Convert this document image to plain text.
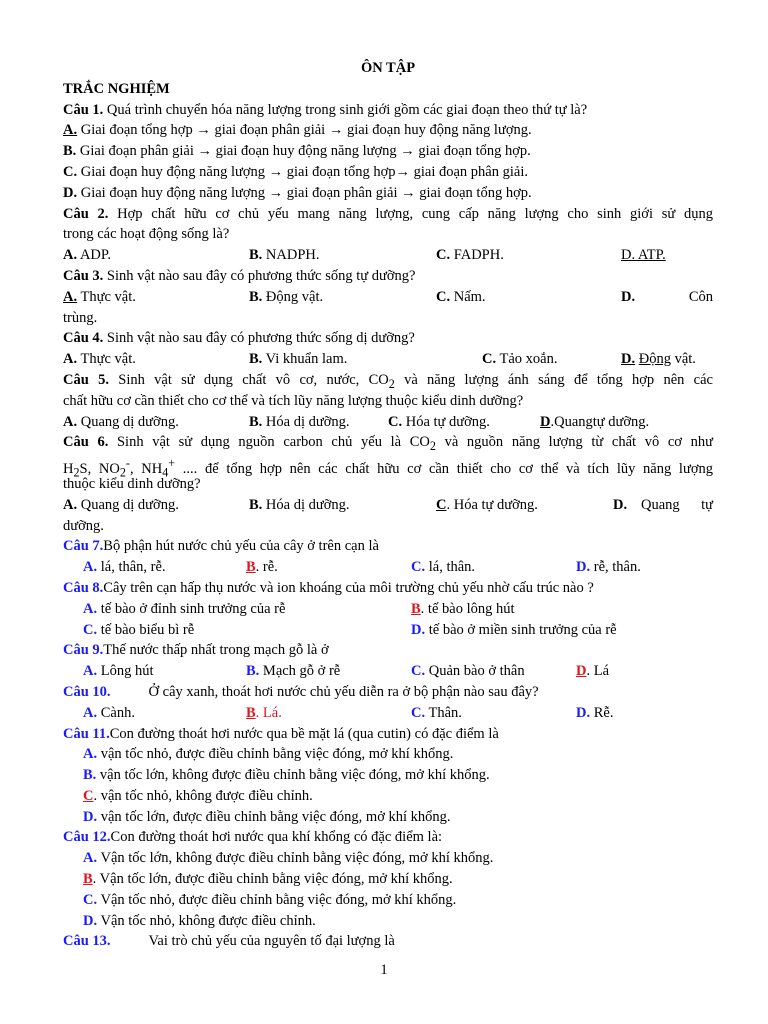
ÔN TẬP
TRẮC NGHIỆM
Câu 1. Quá trình chuyển hóa năng lượng trong sinh giới gồm các giai đoạn theo thứ tự là?
A. Giai đoạn tổng hợp → giai đoạn phân giải → giai đoạn huy động năng lượng.
B. Giai đoạn phân giải → giai đoạn huy động năng lượng → giai đoạn tổng hợp.
C. Giai đoạn huy động năng lượng → giai đoạn tổng hợp→ giai đoạn phân giải.
D. Giai đoạn huy động năng lượng → giai đoạn phân giải → giai đoạn tổng hợp.
Câu 2. Hợp chất hữu cơ chủ yếu mang năng lượng, cung cấp năng lượng cho sinh giới sử dụng
trong các hoạt động sống là?
A. ADP.	B. NADPH.	C. FADPH.	D. ATP.
Câu 3. Sinh vật nào sau đây có phương thức sống tự dưỡng?
A. Thực vật.	B. Động vật.	C. Nấm.	D.	Côn
trùng.
Câu 4. Sinh vật nào sau đây có phương thức sống dị dưỡng?
A. Thực vật.	B. Vi khuẩn lam.	C. Tảo xoắn.	D. Động vật.
Câu 5. Sinh vật sử dụng chất vô cơ, nước, $CO_2$ và năng lượng ánh sáng để tổng hợp nên các
chất hữu cơ cần thiết cho cơ thể và tích lũy năng lượng thuộc kiểu dinh dưỡng?
A. Quang dị dưỡng.	B. Hóa dị dưỡng.	C. Hóa tự dưỡng.	D.Quangtự dưỡng.
Câu 6. Sinh vật sử dụng nguồn carbon chủ yếu là $CO_2$ và nguồn năng lượng từ chất vô cơ như
$H_2S$, $NO_2^-$, $NH_4^+$ .... để tổng hợp nên các chất hữu cơ cần thiết cho cơ thể và tích lũy năng lượng
thuộc kiểu dinh dưỡng?
A. Quang dị dưỡng.	B. Hóa dị dưỡng.	C. Hóa tự dưỡng.	D. Quang tự
dưỡng.
Câu 7.Bộ phận hút nước chủ yếu của cây ở trên cạn là
A. lá, thân, rễ.	B. rễ.	C. lá, thân.	D. rễ, thân.
Câu 8.Cây trên cạn hấp thụ nước và ion khoáng của môi trường chủ yếu nhờ cấu trúc nào ?
A. tế bào ở đỉnh sinh trưởng của rễ	B. tế bào lông hút
C. tế bào biểu bì rễ	D. tế bào ở miền sinh trưởng của rễ
Câu 9.Thế nước thấp nhất trong mạch gỗ là ở
A. Lông hút	B. Mạch gỗ ở rễ	C. Quản bào ở thân	D. Lá
Câu 10.	Ở cây xanh, thoát hơi nước chủ yếu diễn ra ở bộ phận nào sau đây?
A. Cành.	B. Lá.	C. Thân.	D. Rễ.
Câu 11.Con đường thoát hơi nước qua bề mặt lá (qua cutin) có đặc điểm là
A. vận tốc nhỏ, được điều chỉnh bằng việc đóng, mở khí khổng.
B. vận tốc lớn, không được điều chỉnh bằng việc đóng, mở khí khổng.
C. vận tốc nhỏ, không được điều chỉnh.
D. vận tốc lớn, được điều chỉnh bằng việc đóng, mở khí khổng.
Câu 12.Con đường thoát hơi nước qua khí khổng có đặc điểm là:
A. Vận tốc lớn, không được điều chỉnh bằng việc đóng, mở khí khổng.
B. Vận tốc lớn, được điều chỉnh bằng việc đóng, mở khí khổng.
C. Vận tốc nhỏ, được điều chỉnh bằng việc đóng, mở khí khổng.
D. Vận tốc nhỏ, không được điều chỉnh.
Câu 13.	Vai trò chủ yếu của nguyên tố đại lượng là
1
